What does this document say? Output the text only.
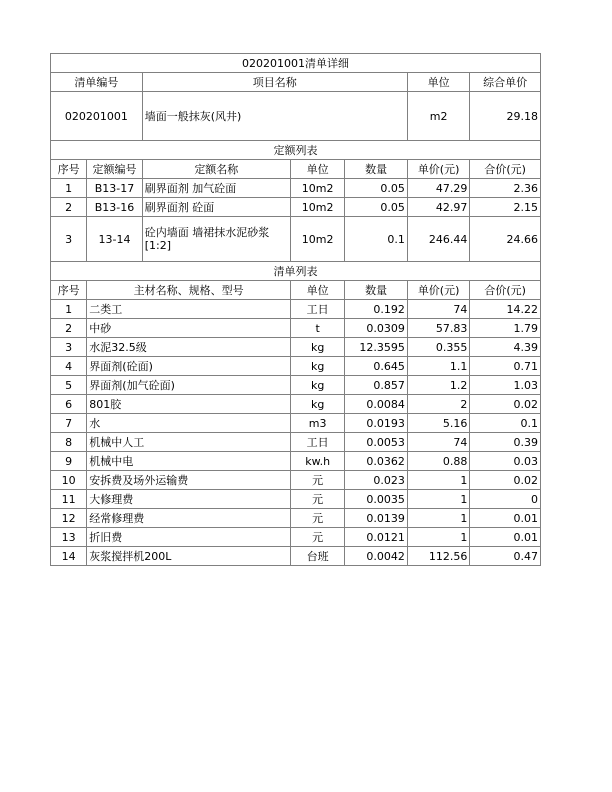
020201001清单详细						
清单编号		项目名称			单位	综合单价
020201001		墙面一般抹灰(风井)			m2	29.18
定额列表						
序号	定额编号	定额名称	单位	数量	单价(元)	合价(元)
1	B13-17	刷界面剂 加气砼面	10m2	0.05	47.29	2.36
2	B13-16	刷界面剂 砼面	10m2	0.05	42.97	2.15
3	13-14	砼内墙面 墙裙抹水泥砂浆[1:2]	10m2	0.1	246.44	24.66
清单列表						
序号	主材名称、规格、型号		单位	数量	单价(元)	合价(元)
1	二类工		工日	0.192	74	14.22
2	中砂		t	0.0309	57.83	1.79
3	水泥32.5级		kg	12.3595	0.355	4.39
4	界面剂(砼面)		kg	0.645	1.1	0.71
5	界面剂(加气砼面)		kg	0.857	1.2	1.03
6	801胶		kg	0.0084	2	0.02
7	水		m3	0.0193	5.16	0.1
8	机械中人工		工日	0.0053	74	0.39
9	机械中电		kw.h	0.0362	0.88	0.03
10	安拆费及场外运输费		元	0.023	1	0.02
11	大修理费		元	0.0035	1	0
12	经常修理费		元	0.0139	1	0.01
13	折旧费		元	0.0121	1	0.01
14	灰浆搅拌机200L		台班	0.0042	112.56	0.47
